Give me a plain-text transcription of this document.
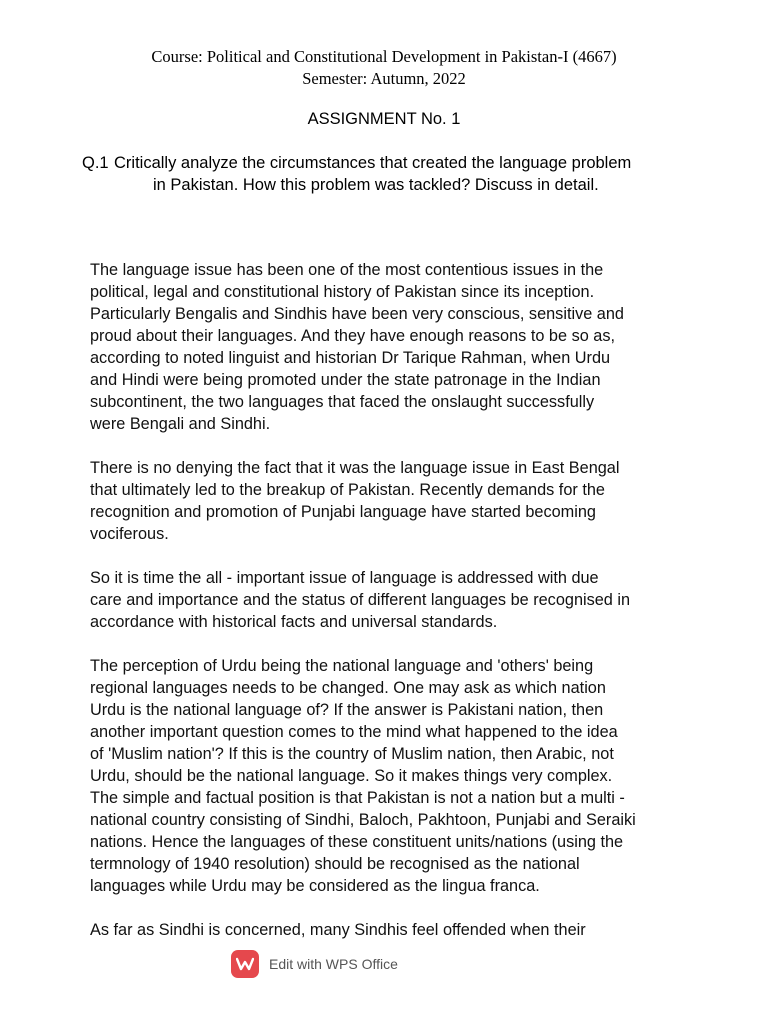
Course: Political and Constitutional Development in Pakistan-I (4667)
Semester: Autumn, 2022
ASSIGNMENT No. 1
Q.1 Critically analyze the circumstances that created the language problem
in Pakistan. How this problem was tackled? Discuss in detail.

The language issue has been one of the most contentious issues in the
political, legal and constitutional history of Pakistan since its inception.
Particularly Bengalis and Sindhis have been very conscious, sensitive and
proud about their languages. And they have enough reasons to be so as,
according to noted linguist and historian Dr Tarique Rahman, when Urdu
and Hindi were being promoted under the state patronage in the Indian
subcontinent, the two languages that faced the onslaught successfully
were Bengali and Sindhi.

There is no denying the fact that it was the language issue in East Bengal
that ultimately led to the breakup of Pakistan. Recently demands for the
recognition and promotion of Punjabi language have started becoming
vociferous.

So it is time the all - important issue of language is addressed with due
care and importance and the status of different languages be recognised in
accordance with historical facts and universal standards.

The perception of Urdu being the national language and 'others' being
regional languages needs to be changed. One may ask as which nation
Urdu is the national language of? If the answer is Pakistani nation, then
another important question comes to the mind what happened to the idea
of 'Muslim nation'? If this is the country of Muslim nation, then Arabic, not
Urdu, should be the national language. So it makes things very complex.
The simple and factual position is that Pakistan is not a nation but a multi -
national country consisting of Sindhi, Baloch, Pakhtoon, Punjabi and Seraiki
nations. Hence the languages of these constituent units/nations (using the
termnology of 1940 resolution) should be recognised as the national
languages while Urdu may be considered as the lingua franca.

As far as Sindhi is concerned, many Sindhis feel offended when their

Edit with WPS Office
